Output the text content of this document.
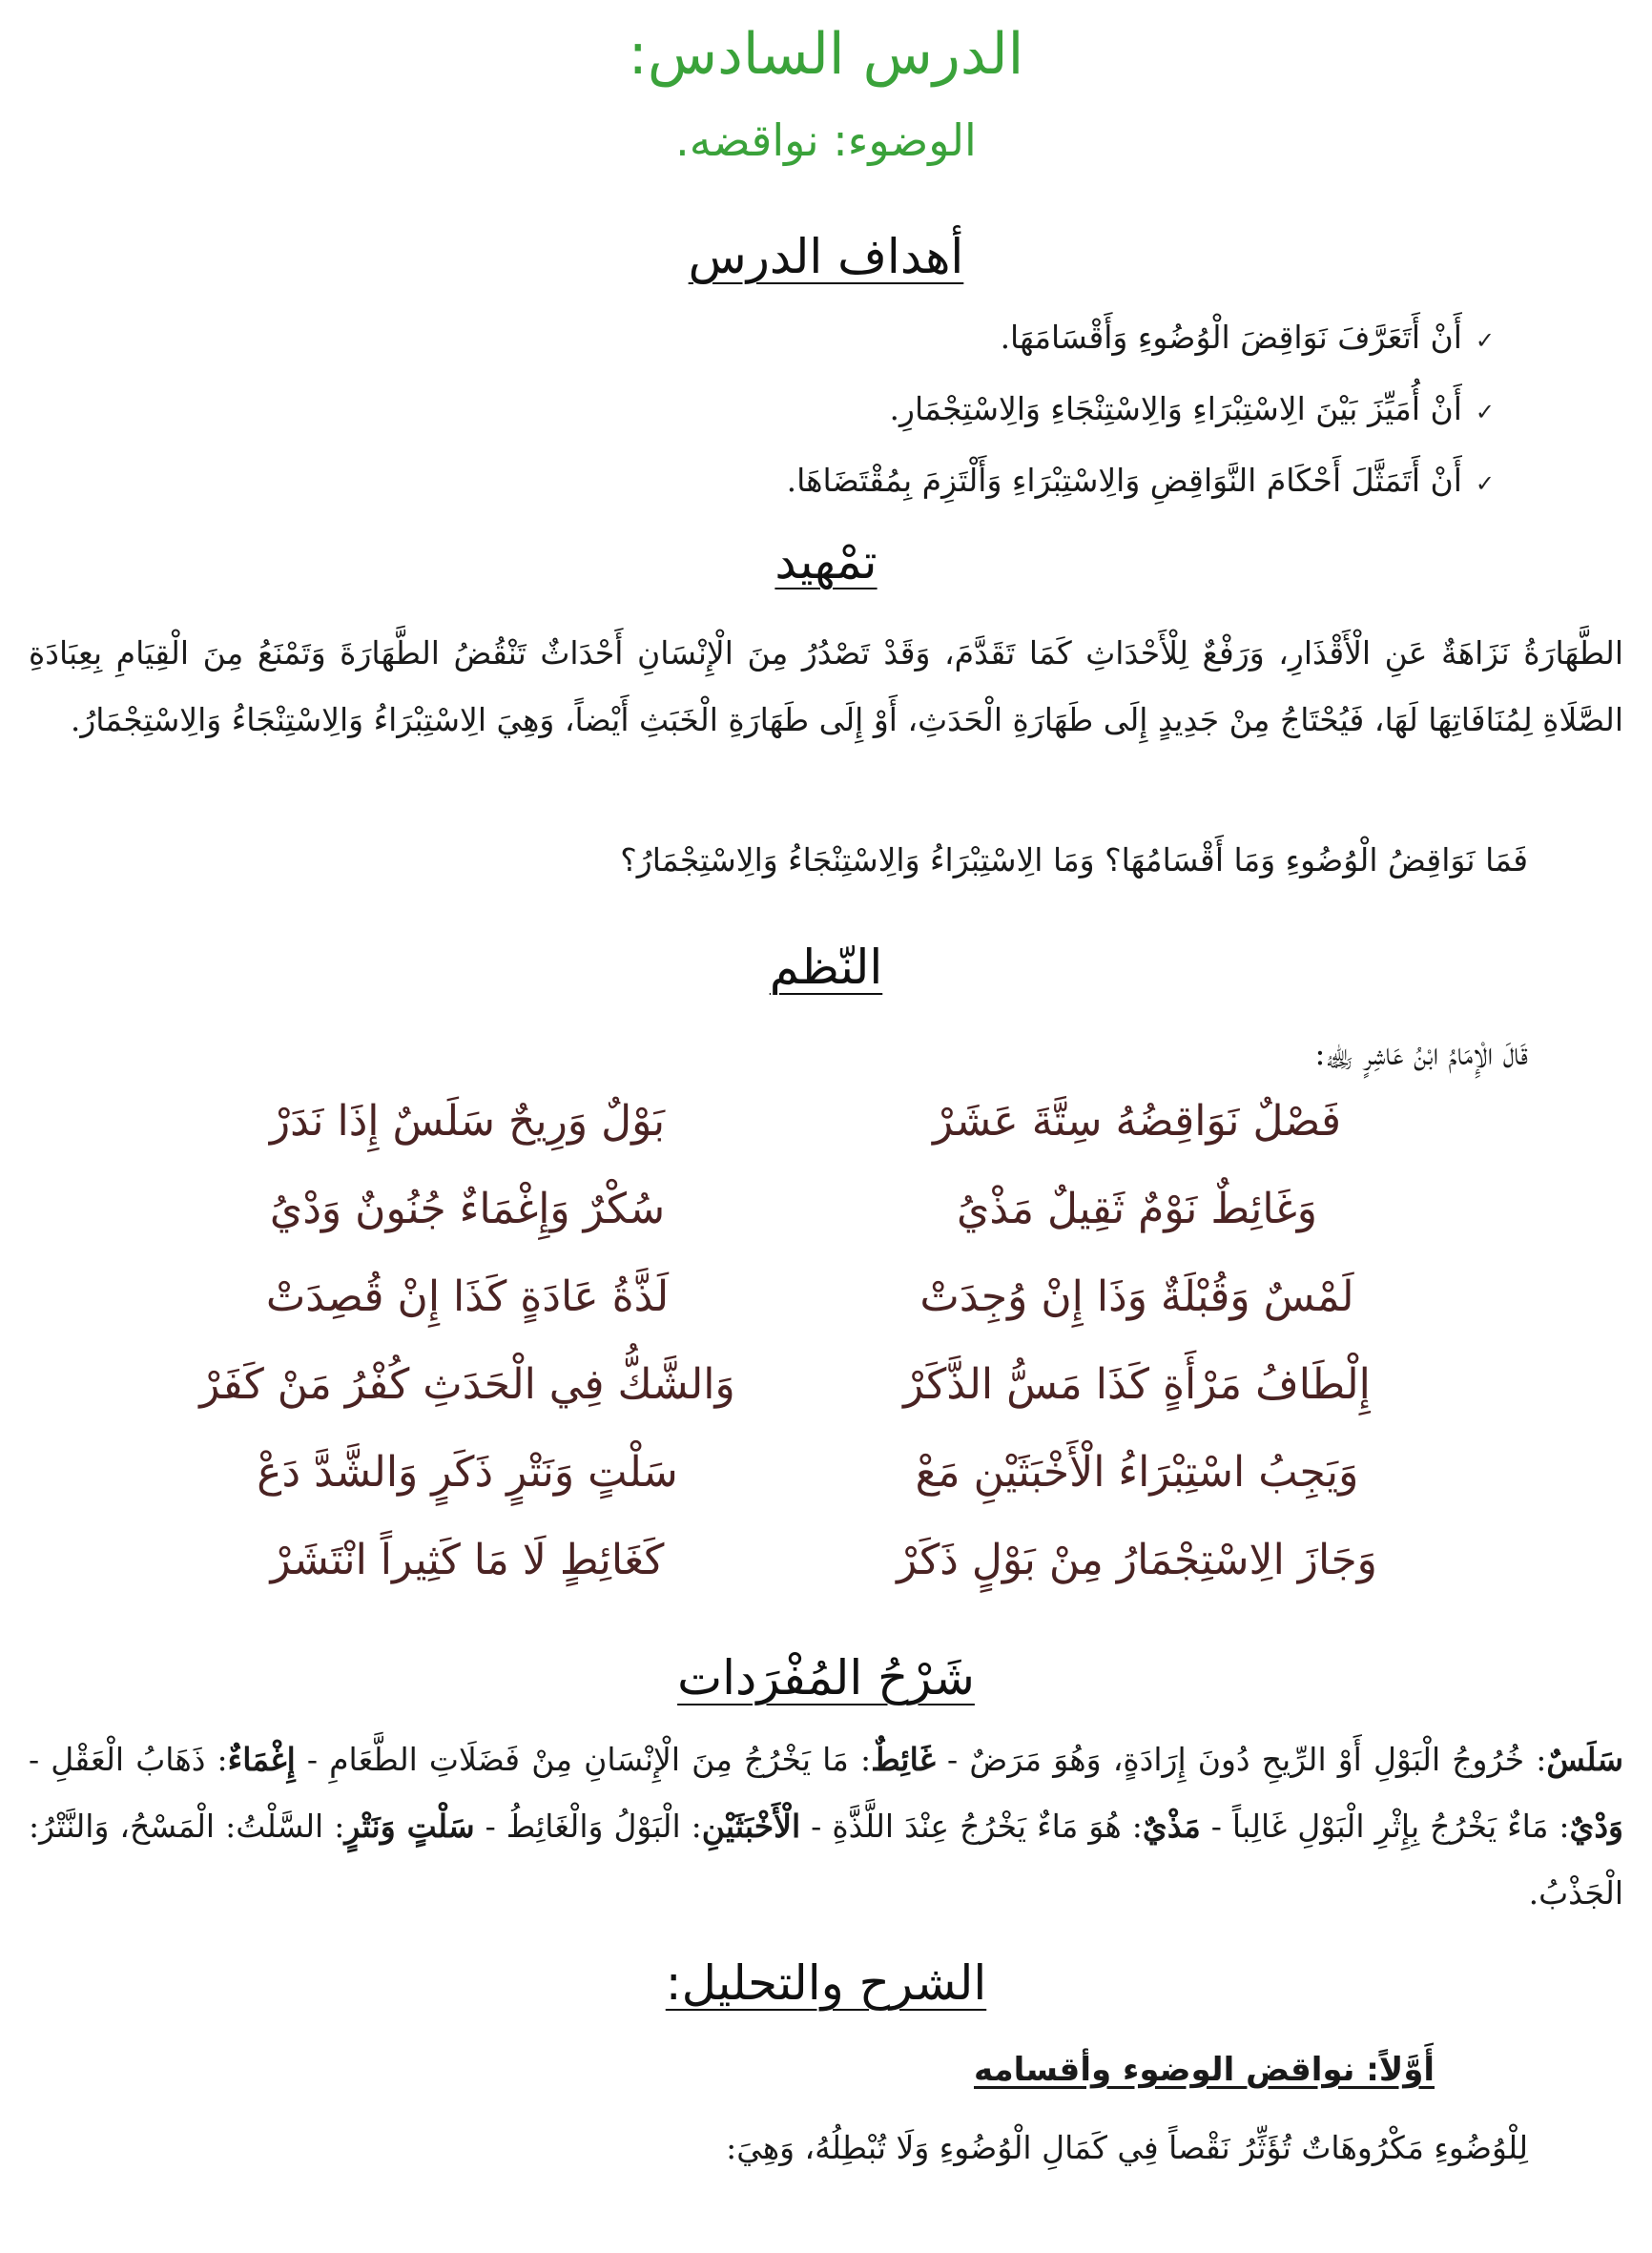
الدرس السادس:
الوضوء: نواقضه.
أهداف الدرس
✓أَنْ أَتَعَرَّفَ نَوَاقِضَ الْوُضُوءِ وَأَقْسَامَهَا.
✓أَنْ أُمَيِّزَ بَيْنَ الِاسْتِبْرَاءِ وَالِاسْتِنْجَاءِ وَالِاسْتِجْمَارِ.
✓أَنْ أَتَمَثَّلَ أَحْكَامَ النَّوَاقِضِ وَالِاسْتِبْرَاءِ وَأَلْتَزِمَ بِمُقْتَضَاهَا.
تمْهيد
الطَّهَارَةُ نَزَاهَةٌ عَنِ الْأَقْذَارِ، وَرَفْعٌ لِلْأَحْدَاثِ كَمَا تَقَدَّمَ، وَقَدْ تَصْدُرُ مِنَ الْإِنْسَانِ أَحْدَاثٌ تَنْقُضُ الطَّهَارَةَ وَتَمْنَعُ مِنَ الْقِيَامِ بِعِبَادَةِ الصَّلَاةِ لِمُنَافَاتِهَا لَهَا، فَيُحْتَاجُ مِنْ جَدِيدٍ إِلَى طَهَارَةِ الْحَدَثِ، أَوْ إِلَى طَهَارَةِ الْخَبَثِ أَيْضاً، وَهِيَ الِاسْتِبْرَاءُ وَالِاسْتِنْجَاءُ وَالِاسْتِجْمَارُ.
فَمَا نَوَاقِضُ الْوُضُوءِ وَمَا أَقْسَامُهَا؟ وَمَا الِاسْتِبْرَاءُ وَالِاسْتِنْجَاءُ وَالِاسْتِجْمَارُ؟
النّظم
قَالَ الْإِمَامُ ابْنُ عَاشِرٍ ﵀:
فَصْلٌ نَوَاقِضُهُ سِتَّةَ عَشَرْ
بَوْلٌ وَرِيحٌ سَلَسٌ إِذَا نَدَرْ
وَغَائِطٌ نَوْمٌ ثَقِيلٌ مَذْيُ
سُكْرٌ وَإِغْمَاءٌ جُنُونٌ وَدْيُ
لَمْسٌ وَقُبْلَةٌ وَذَا إِنْ وُجِدَتْ
لَذَّةُ عَادَةٍ كَذَا إِنْ قُصِدَتْ
إِلْطَافُ مَرْأَةٍ كَذَا مَسُّ الذَّكَرْ
وَالشَّكُّ فِي الْحَدَثِ كُفْرُ مَنْ كَفَرْ
وَيَجِبُ اسْتِبْرَاءُ الْأَخْبَثَيْنِ مَعْ
سَلْتٍ وَنَتْرٍ ذَكَرٍ وَالشَّدَّ دَعْ
وَجَازَ الِاسْتِجْمَارُ مِنْ بَوْلٍ ذَكَرْ
كَغَائِطٍ لَا مَا كَثِيراً انْتَشَرْ
شَرْحُ المُفْرَدات
سَلَسٌ: خُرُوجُ الْبَوْلِ أَوْ الرِّيحِ دُونَ إِرَادَةٍ، وَهُوَ مَرَضٌ - غَائِطٌ: مَا يَخْرُجُ مِنَ الْإِنْسَانِ مِنْ فَضَلَاتِ الطَّعَامِ - إِغْمَاءٌ: ذَهَابُ الْعَقْلِ - وَدْيٌ: مَاءٌ يَخْرُجُ بِإِثْرِ الْبَوْلِ غَالِباً - مَذْيٌ: هُوَ مَاءٌ يَخْرُجُ عِنْدَ اللَّذَّةِ - الْأَخْبَثَيْنِ: الْبَوْلُ وَالْغَائِطُ - سَلْتٍ وَنَتْرٍ: السَّلْتُ: الْمَسْحُ، وَالنَّتْرُ: الْجَذْبُ.
الشرح والتحليل:
أَوَّلاً: نواقض الوضوء وأقسامه
لِلْوُضُوءِ مَكْرُوهَاتٌ تُؤَثِّرُ نَقْصاً فِي كَمَالِ الْوُضُوءِ وَلَا تُبْطِلُهُ، وَهِيَ:
